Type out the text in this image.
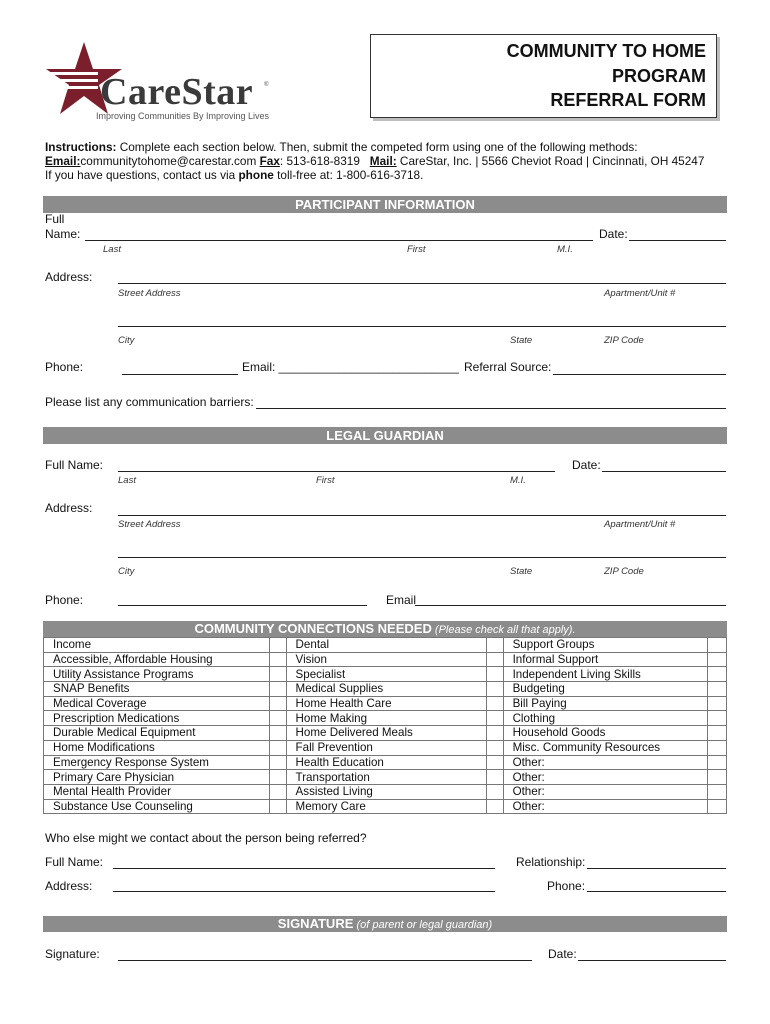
CareStar ®
Improving Communities By Improving Lives
COMMUNITY TO HOME
PROGRAM
REFERRAL FORM
Instructions: Complete each section below. Then, submit the competed form using one of the following methods:
Email:communitytohome@carestar.com Fax: 513-618-8319 Mail: CareStar, Inc. | 5566 Cheviot Road | Cincinnati, OH 45247
If you have questions, contact us via phone toll-free at: 1-800-616-3718.
PARTICIPANT INFORMATION
Full
Name:	Date:
Last	First	M.I.
Address:
Street Address	Apartment/Unit #
City	State	ZIP Code
Phone:	Email: ___________________________ Referral Source:
Please list any communication barriers:
LEGAL GUARDIAN
Full Name:	Date:
Last	First	M.I.
Address:
Street Address	Apartment/Unit #
City	State	ZIP Code
Phone:	Email
COMMUNITY CONNECTIONS NEEDED (Please check all that apply).
Income		Dental		Support Groups	
Accessible, Affordable Housing		Vision		Informal Support	
Utility Assistance Programs		Specialist		Independent Living Skills	
SNAP Benefits		Medical Supplies		Budgeting	
Medical Coverage		Home Health Care		Bill Paying	
Prescription Medications		Home Making		Clothing	
Durable Medical Equipment		Home Delivered Meals		Household Goods	
Home Modifications		Fall Prevention		Misc. Community Resources	
Emergency Response System		Health Education		Other:	
Primary Care Physician		Transportation		Other:	
Mental Health Provider		Assisted Living		Other:	
Substance Use Counseling		Memory Care		Other:	
Who else might we contact about the person being referred?
Full Name:	Relationship:
Address:	Phone:
SIGNATURE (of parent or legal guardian)
Signature:	Date:
